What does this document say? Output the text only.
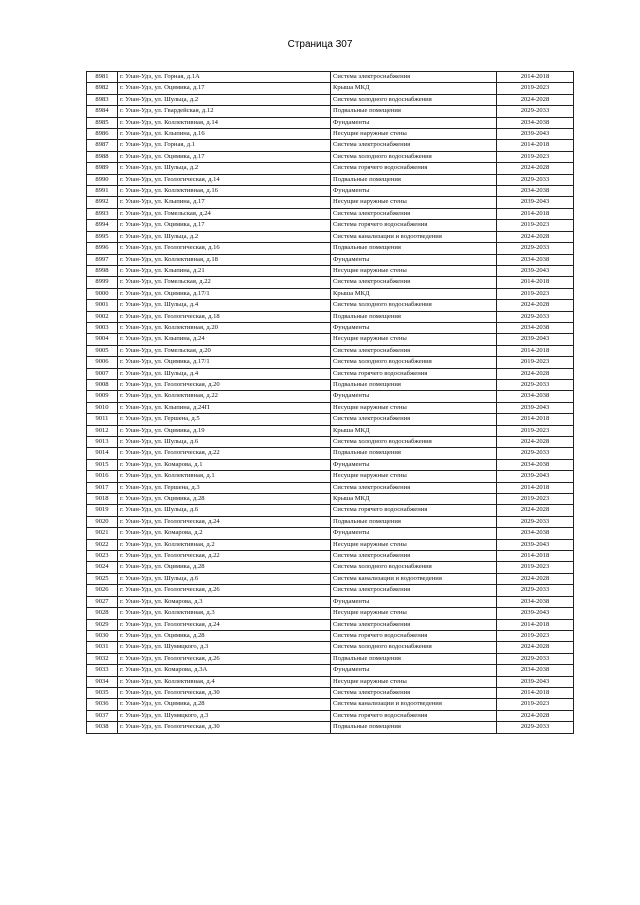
Страница 307
8981	г. Улан-Удэ, ул. Горная, д.1А	Система электроснабжения	2014-2018
8982	г. Улан-Удэ, ул. Оцимика, д.17	Крыша МКД	2019-2023
8983	г. Улан-Удэ, ул. Шульца, д.2	Система холодного водоснабжения	2024-2028
8984	г. Улан-Удэ, ул. Гвардейская, д.12	Подвальные помещения	2029-2033
8985	г. Улан-Удэ, ул. Коллективная, д.14	Фундаменты	2034-2038
8986	г. Улан-Удэ, ул. Клыпина, д.16	Несущие наружные стены	2039-2043
8987	г. Улан-Удэ, ул. Горная, д.1	Система электроснабжения	2014-2018
8988	г. Улан-Удэ, ул. Оцимика, д.17	Система холодного водоснабжения	2019-2023
8989	г. Улан-Удэ, ул. Шульца, д.2	Система горячего водоснабжения	2024-2028
8990	г. Улан-Удэ, ул. Геологическая, д.14	Подвальные помещения	2029-2033
8991	г. Улан-Удэ, ул. Коллективная, д.16	Фундаменты	2034-2038
8992	г. Улан-Удэ, ул. Клыпина, д.17	Несущие наружные стены	2039-2043
8993	г. Улан-Удэ, ул. Гомельская, д.24	Система электроснабжения	2014-2018
8994	г. Улан-Удэ, ул. Оцимика, д.17	Система горячего водоснабжения	2019-2023
8995	г. Улан-Удэ, ул. Шульца, д.2	Система канализации и водоотведения	2024-2028
8996	г. Улан-Удэ, ул. Геологическая, д.16	Подвальные помещения	2029-2033
8997	г. Улан-Удэ, ул. Коллективная, д.18	Фундаменты	2034-2038
8998	г. Улан-Удэ, ул. Клыпина, д.21	Несущие наружные стены	2039-2043
8999	г. Улан-Удэ, ул. Гомельская, д.22	Система электроснабжения	2014-2018
9000	г. Улан-Удэ, ул. Оцимика, д.17/1	Крыша МКД	2019-2023
9001	г. Улан-Удэ, ул. Шульца, д.4	Система холодного водоснабжения	2024-2028
9002	г. Улан-Удэ, ул. Геологическая, д.18	Подвальные помещения	2029-2033
9003	г. Улан-Удэ, ул. Коллективная, д.20	Фундаменты	2034-2038
9004	г. Улан-Удэ, ул. Клыпина, д.24	Несущие наружные стены	2039-2043
9005	г. Улан-Удэ, ул. Гомельская, д.20	Система электроснабжения	2014-2018
9006	г. Улан-Удэ, ул. Оцимика, д.17/1	Система холодного водоснабжения	2019-2023
9007	г. Улан-Удэ, ул. Шульца, д.4	Система горячего водоснабжения	2024-2028
9008	г. Улан-Удэ, ул. Геологическая, д.20	Подвальные помещения	2029-2033
9009	г. Улан-Удэ, ул. Коллективная, д.22	Фундаменты	2034-2038
9010	г. Улан-Удэ, ул. Клыпина, д.24П	Несущие наружные стены	2039-2043
9011	г. Улан-Удэ, ул. Гершена, д.5	Система электроснабжения	2014-2018
9012	г. Улан-Удэ, ул. Оцимика, д.19	Крыша МКД	2019-2023
9013	г. Улан-Удэ, ул. Шульца, д.6	Система холодного водоснабжения	2024-2028
9014	г. Улан-Удэ, ул. Геологическая, д.22	Подвальные помещения	2029-2033
9015	г. Улан-Удэ, ул. Комарова, д.1	Фундаменты	2034-2038
9016	г. Улан-Удэ, ул. Коллективная, д.1	Несущие наружные стены	2039-2043
9017	г. Улан-Удэ, ул. Гершена, д.3	Система электроснабжения	2014-2018
9018	г. Улан-Удэ, ул. Оцимика, д.28	Крыша МКД	2019-2023
9019	г. Улан-Удэ, ул. Шульца, д.6	Система горячего водоснабжения	2024-2028
9020	г. Улан-Удэ, ул. Геологическая, д.24	Подвальные помещения	2029-2033
9021	г. Улан-Удэ, ул. Комарова, д.2	Фундаменты	2034-2038
9022	г. Улан-Удэ, ул. Коллективная, д.2	Несущие наружные стены	2039-2043
9023	г. Улан-Удэ, ул. Геологическая, д.22	Система электроснабжения	2014-2018
9024	г. Улан-Удэ, ул. Оцимика, д.28	Система холодного водоснабжения	2019-2023
9025	г. Улан-Удэ, ул. Шульца, д.6	Система канализации и водоотведения	2024-2028
9026	г. Улан-Удэ, ул. Геологическая, д.26	Система электроснабжения	2029-2033
9027	г. Улан-Удэ, ул. Комарова, д.3	Фундаменты	2034-2038
9028	г. Улан-Удэ, ул. Коллективная, д.3	Несущие наружные стены	2039-2043
9029	г. Улан-Удэ, ул. Геологическая, д.24	Система электроснабжения	2014-2018
9030	г. Улан-Удэ, ул. Оцимика, д.28	Система горячего водоснабжения	2019-2023
9031	г. Улан-Удэ, ул. Шумяцкого, д.3	Система холодного водоснабжения	2024-2028
9032	г. Улан-Удэ, ул. Геологическая, д.26	Подвальные помещения	2029-2033
9033	г. Улан-Удэ, ул. Комарова, д.3А	Фундаменты	2034-2038
9034	г. Улан-Удэ, ул. Коллективная, д.4	Несущие наружные стены	2039-2043
9035	г. Улан-Удэ, ул. Геологическая, д.30	Система электроснабжения	2014-2018
9036	г. Улан-Удэ, ул. Оцимика, д.28	Система канализации и водоотведения	2019-2023
9037	г. Улан-Удэ, ул. Шумяцкого, д.3	Система горячего водоснабжения	2024-2028
9038	г. Улан-Удэ, ул. Геологическая, д.30	Подвальные помещения	2029-2033
